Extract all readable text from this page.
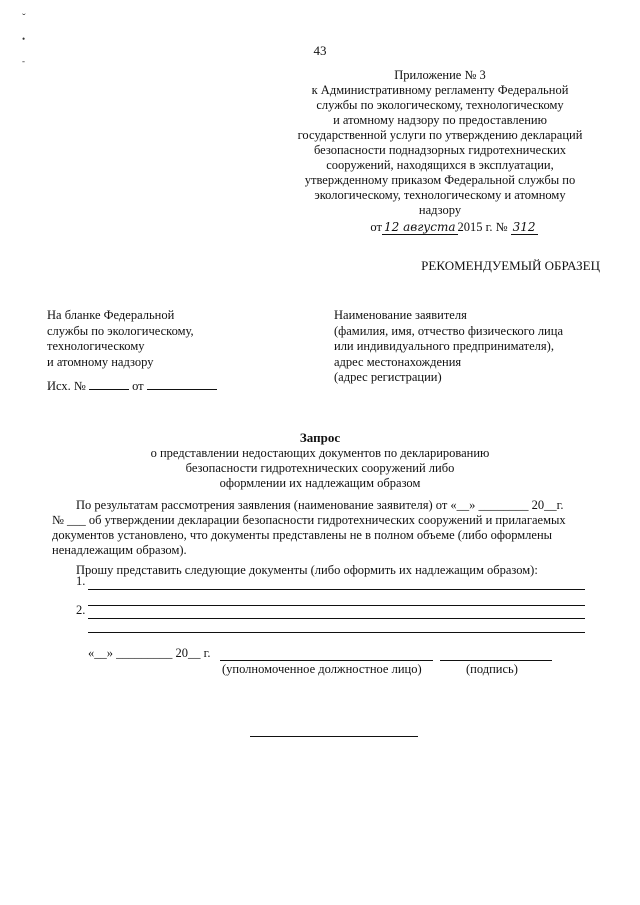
ˇ
•
-
43
Приложение № 3
к Административному регламенту Федеральной
службы по экологическому, технологическому
и атомному надзору по предоставлению
государственной услуги по утверждению деклараций
безопасности поднадзорных гидротехнических
сооружений, находящихся в эксплуатации,
утвержденному приказом Федеральной службы по
экологическому, технологическому и атомному
надзору
от 12 августа 2015 г. № 312
РЕКОМЕНДУЕМЫЙ ОБРАЗЕЦ
На бланке Федеральной
службы по экологическому,
технологическому
и атомному надзору
Исх. №	от
Наименование заявителя
(фамилия, имя, отчество физического лица
или индивидуального предпринимателя),
адрес местонахождения
(адрес регистрации)
Запрос
о представлении недостающих документов по декларированию
безопасности гидротехнических сооружений либо
оформлении их надлежащим образом
По результатам рассмотрения заявления (наименование заявителя) от «__» ________ 20__г.
№ ___ об утверждении декларации безопасности гидротехнических сооружений и прилагаемых
документов установлено, что документы представлены не в полном объеме (либо оформлены
ненадлежащим образом).
Прошу представить следующие документы (либо оформить их надлежащим образом):
1.
2.
«__» _________ 20__ г.
(уполномоченное должностное лицо)	(подпись)
